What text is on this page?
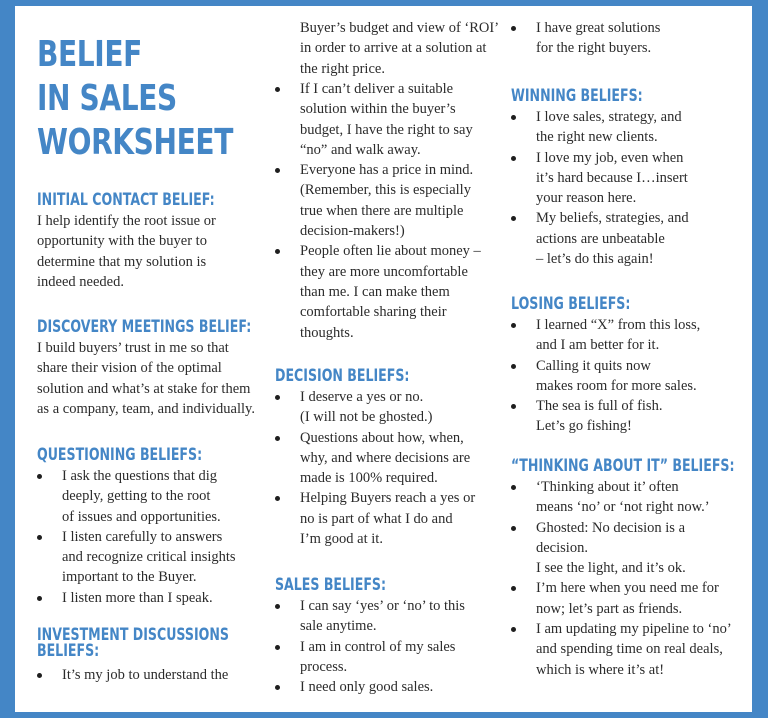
BELIEF
IN SALES
WORKSHEET
INITIAL CONTACT BELIEF:
I help identify the root issue or
opportunity with the buyer to
determine that my solution is
indeed needed.
DISCOVERY MEETINGS BELIEF:
I build buyers’ trust in me so that
share their vision of the optimal
solution and what’s at stake for them
as a company, team, and individually.
QUESTIONING BELIEFS:
I ask the questions that dig
deeply, getting to the root
of issues and opportunities.
I listen carefully to answers
and recognize critical insights
important to the Buyer.
I listen more than I speak.
INVESTMENT DISCUSSIONS
BELIEFS:
It’s my job to understand the
Buyer’s budget and view of ‘ROI’
in order to arrive at a solution at
the right price.
If I can’t deliver a suitable
solution within the buyer’s
budget, I have the right to say
“no” and walk away.
Everyone has a price in mind.
(Remember, this is especially
true when there are multiple
decision-makers!)
People often lie about money –
they are more uncomfortable
than me. I can make them
comfortable sharing their
thoughts.
DECISION BELIEFS:
I deserve a yes or no.
(I will not be ghosted.)
Questions about how, when,
why, and where decisions are
made is 100% required.
Helping Buyers reach a yes or
no is part of what I do and
I’m good at it.
SALES BELIEFS:
I can say ‘yes’ or ‘no’ to this
sale anytime.
I am in control of my sales
process.
I need only good sales.
I have great solutions
for the right buyers.
WINNING BELIEFS:
I love sales, strategy, and
the right new clients.
I love my job, even when
it’s hard because I…insert
your reason here.
My beliefs, strategies, and
actions are unbeatable
– let’s do this again!
LOSING BELIEFS:
I learned “X” from this loss,
and I am better for it.
Calling it quits now
makes room for more sales.
The sea is full of fish.
Let’s go fishing!
“THINKING ABOUT IT” BELIEFS:
‘Thinking about it’ often
means ‘no’ or ‘not right now.’
Ghosted: No decision is a
decision.
I see the light, and it’s ok.
I’m here when you need me for
now; let’s part as friends.
I am updating my pipeline to ‘no’
and spending time on real deals,
which is where it’s at!
